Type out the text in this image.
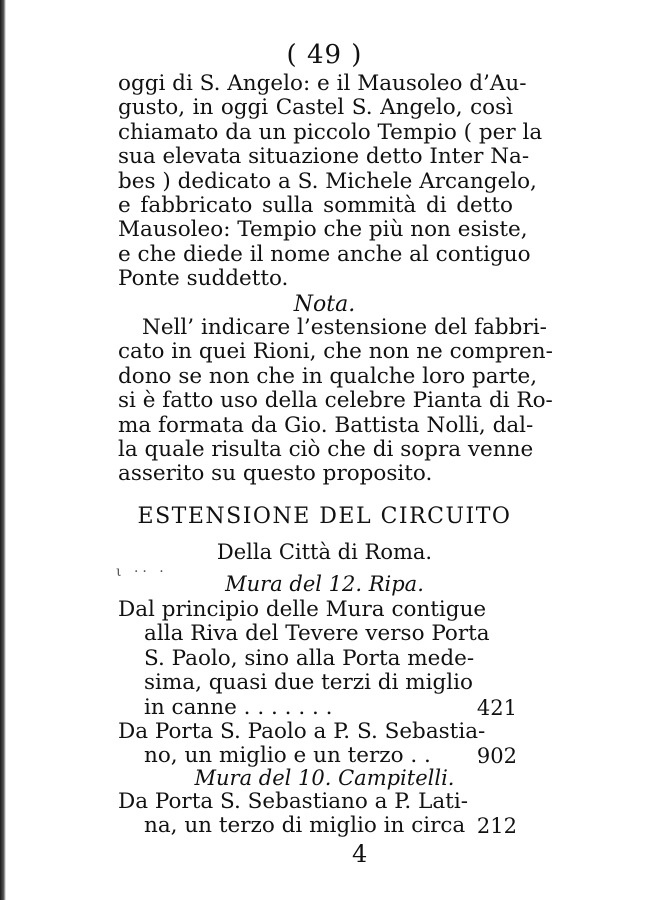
( 49 )
oggi di S. Angelo: e il Mausoleo d’Au-
gusto, in oggi Castel S. Angelo, così
chiamato da un piccolo Tempio ( per la
sua elevata situazione detto Inter Na-
bes ) dedicato a S. Michele Arcangelo,
e fabbricato sulla sommità di detto
Mausoleo: Tempio che più non esiste,
e che diede il nome anche al contiguo
Ponte suddetto.
Nota.
Nell’ indicare l’estensione del fabbri-
cato in quei Rioni, che non ne compren-
dono se non che in qualche loro parte,
si è fatto uso della celebre Pianta di Ro-
ma formata da Gio. Battista Nolli, dal-
la quale risulta ciò che di sopra venne
asserito su questo proposito.
ESTENSIONE DEL CIRCUITO
Della Città di Roma.
ι ·· ·	Mura del 12. Ripa.
Dal principio delle Mura contigue
alla Riva del Tevere verso Porta
S. Paolo, sino alla Porta mede-
sima, quasi due terzi di miglio
in canne . . . . . . .	421
Da Porta S. Paolo a P. S. Sebastia-
no, un miglio e un terzo . .	902
Mura del 10. Campitelli.
Da Porta S. Sebastiano a P. Lati-
na, un terzo di miglio in circa 212
4
